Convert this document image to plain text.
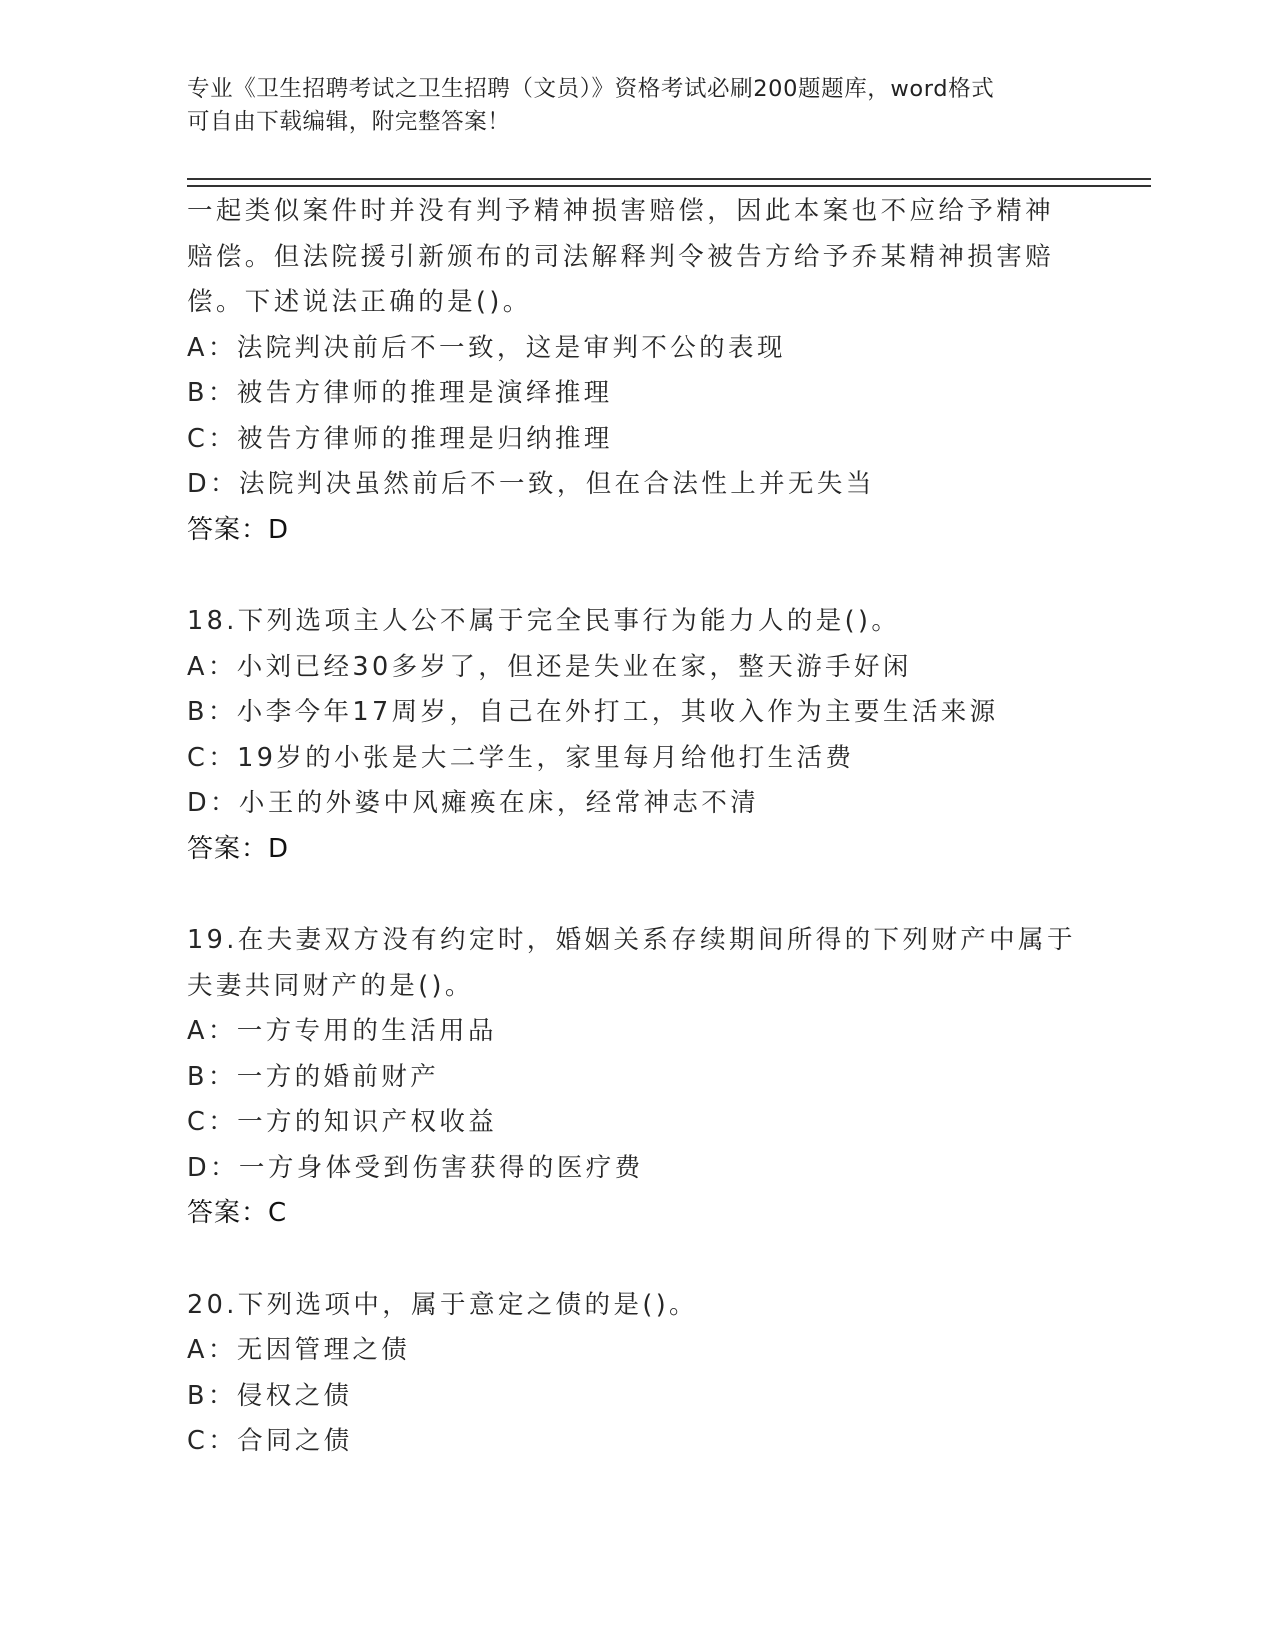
专业《卫生招聘考试之卫生招聘（文员）》资格考试必刷200题题库，word格式
可自由下载编辑，附完整答案！
一起类似案件时并没有判予精神损害赔偿，因此本案也不应给予精神
赔偿。但法院援引新颁布的司法解释判令被告方给予乔某精神损害赔
偿。下述说法正确的是()。
A：法院判决前后不一致，这是审判不公的表现
B：被告方律师的推理是演绎推理
C：被告方律师的推理是归纳推理
D：法院判决虽然前后不一致，但在合法性上并无失当
答案：D
18.下列选项主人公不属于完全民事行为能力人的是()。
A：小刘已经30多岁了，但还是失业在家，整天游手好闲
B：小李今年17周岁，自己在外打工，其收入作为主要生活来源
C：19岁的小张是大二学生，家里每月给他打生活费
D：小王的外婆中风瘫痪在床，经常神志不清
答案：D
19.在夫妻双方没有约定时，婚姻关系存续期间所得的下列财产中属于
夫妻共同财产的是()。
A：一方专用的生活用品
B：一方的婚前财产
C：一方的知识产权收益
D：一方身体受到伤害获得的医疗费
答案：C
20.下列选项中，属于意定之债的是()。
A：无因管理之债
B：侵权之债
C：合同之债
